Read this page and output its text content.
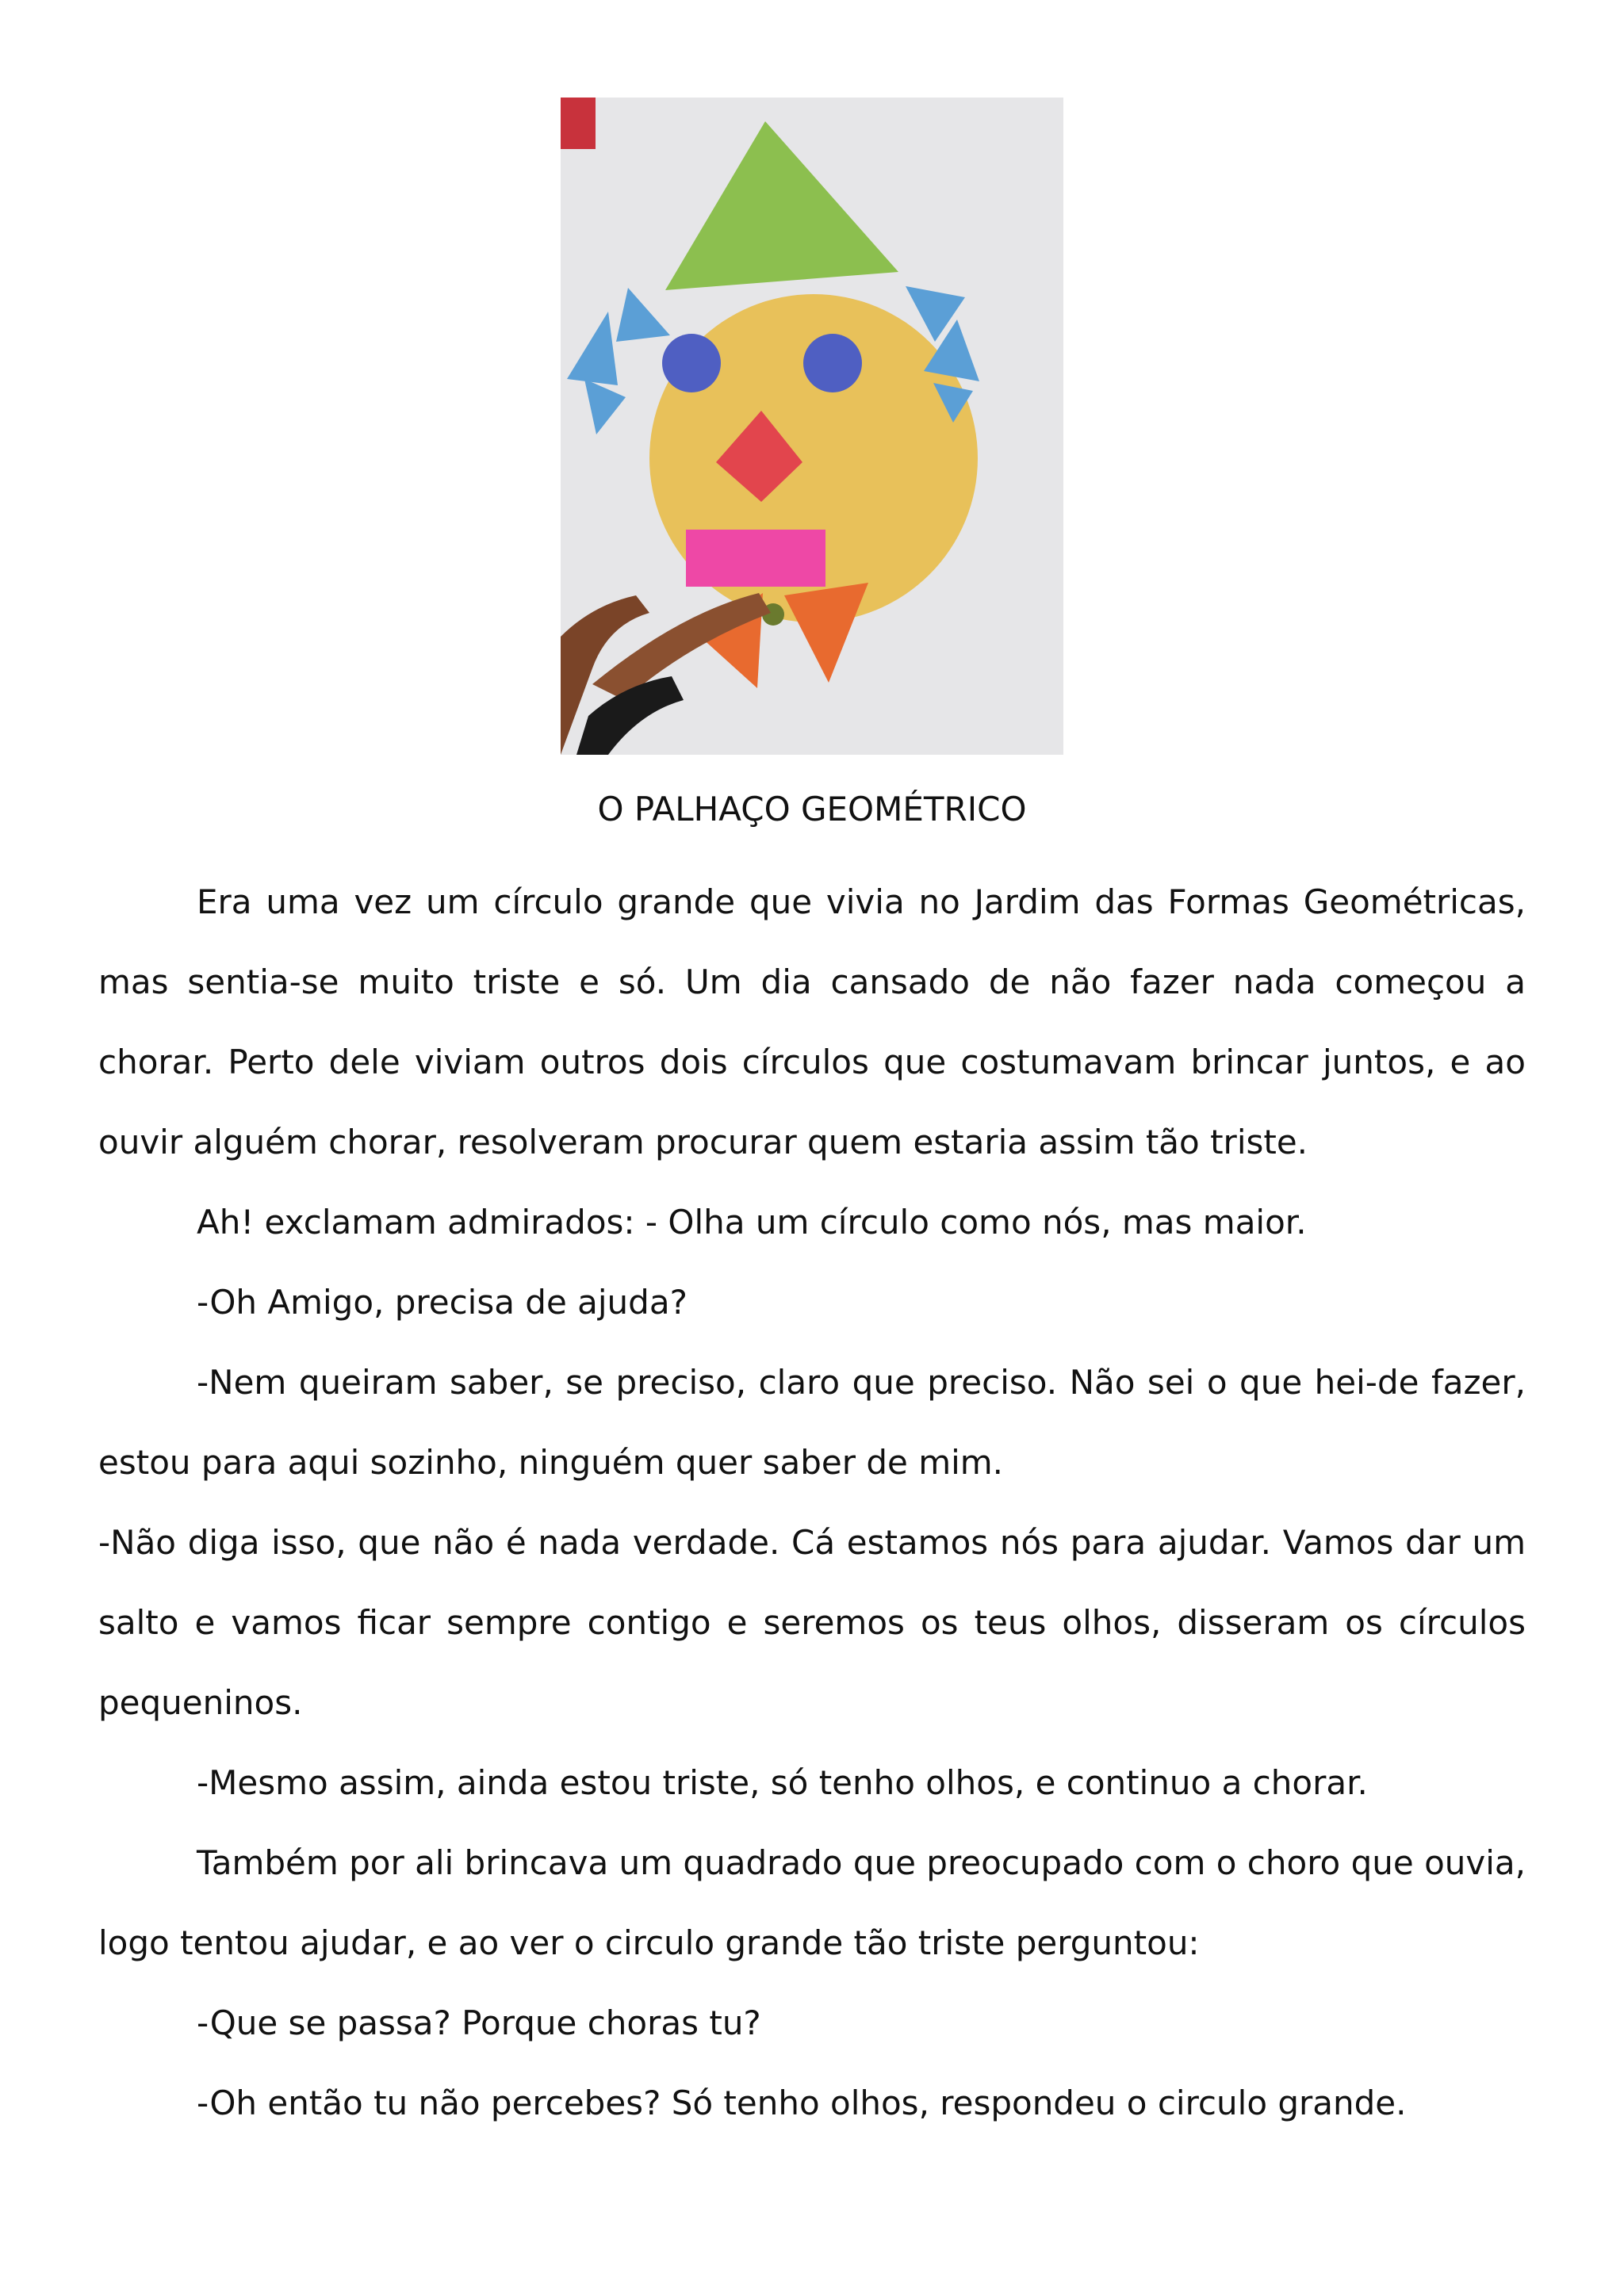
O PALHAÇO GEOMÉTRICO

Era uma vez um círculo grande que vivia no Jardim das Formas Geométricas, mas sentia-se muito triste e só. Um dia cansado de não fazer nada começou a chorar. Perto dele viviam outros dois círculos que costumavam brincar juntos, e ao ouvir alguém chorar, resolveram procurar quem estaria assim tão triste.

Ah! exclamam admirados: - Olha um círculo como nós, mas maior.

-Oh Amigo, precisa de ajuda?

-Nem queiram saber, se preciso, claro que preciso. Não sei o que hei-de fazer, estou para aqui sozinho, ninguém quer saber de mim.

-Não diga isso, que não é nada verdade. Cá estamos nós para ajudar. Vamos dar um salto e vamos ficar sempre contigo e seremos os teus olhos, disseram os círculos pequeninos.

-Mesmo assim, ainda estou triste, só tenho olhos, e continuo a chorar.

Também por ali brincava um quadrado que preocupado com o choro que ouvia, logo tentou ajudar, e ao ver o circulo grande tão triste perguntou:

-Que se passa? Porque choras tu?

-Oh então tu não percebes? Só tenho olhos, respondeu o circulo grande.
